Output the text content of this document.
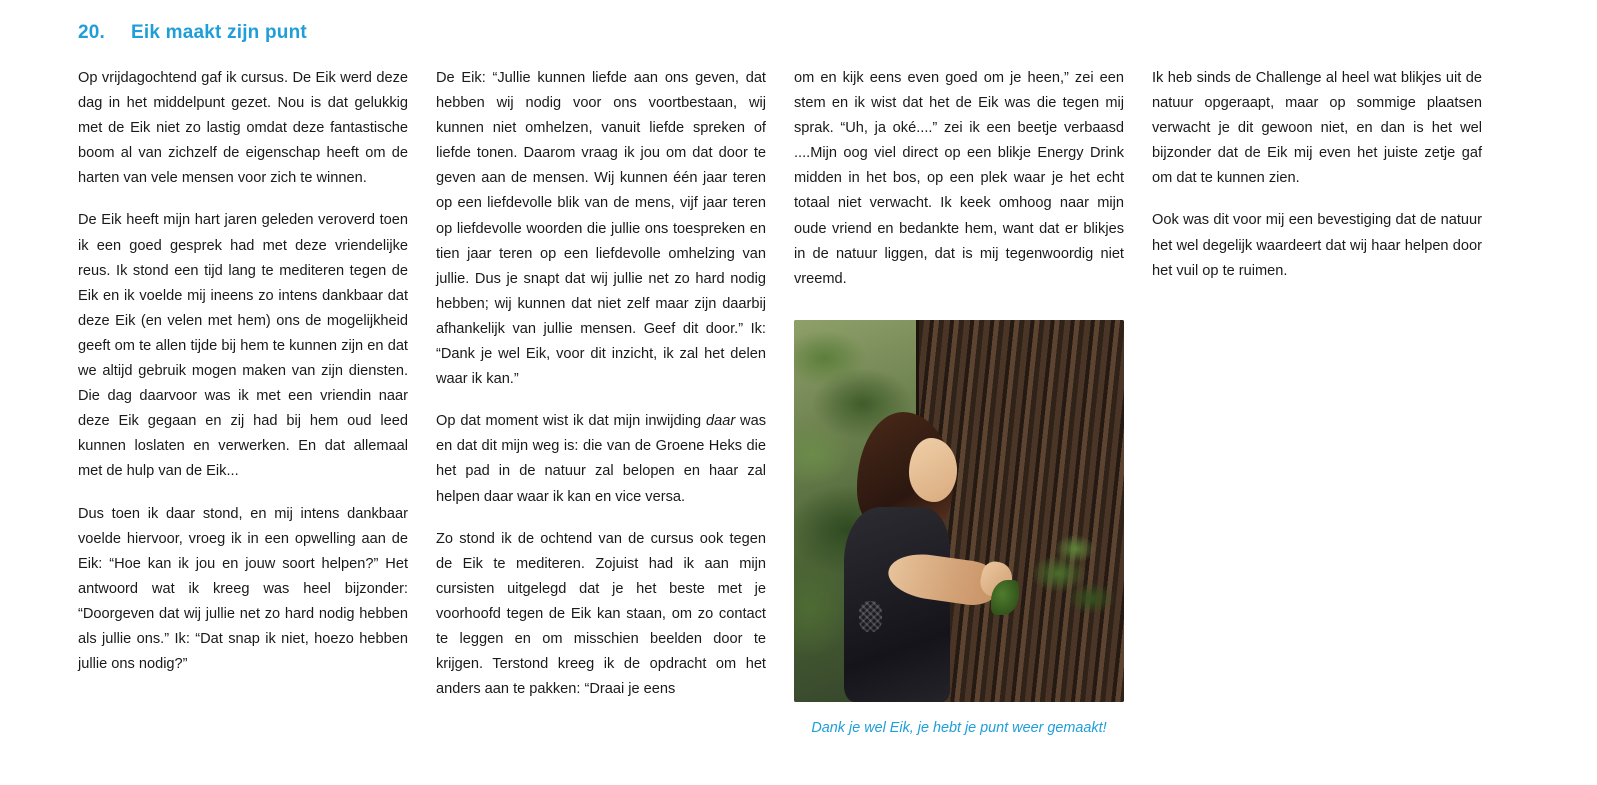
20. Eik maakt zijn punt

Op vrijdagochtend gaf ik cursus. De Eik werd deze dag in het middelpunt gezet. Nou is dat gelukkig met de Eik niet zo lastig omdat deze fantastische boom al van zichzelf de eigenschap heeft om de harten van vele mensen voor zich te winnen.

De Eik heeft mijn hart jaren geleden veroverd toen ik een goed gesprek had met deze vriendelijke reus. Ik stond een tijd lang te mediteren tegen de Eik en ik voelde mij ineens zo intens dankbaar dat deze Eik (en velen met hem) ons de mogelijkheid geeft om te allen tijde bij hem te kunnen zijn en dat we altijd gebruik mogen maken van zijn diensten. Die dag daarvoor was ik met een vriendin naar deze Eik gegaan en zij had bij hem oud leed kunnen loslaten en verwerken. En dat allemaal met de hulp van de Eik...

Dus toen ik daar stond, en mij intens dankbaar voelde hiervoor, vroeg ik in een opwelling aan de Eik: “Hoe kan ik jou en jouw soort helpen?” Het antwoord wat ik kreeg was heel bijzonder: “Doorgeven dat wij jullie net zo hard nodig hebben als jullie ons.” Ik: “Dat snap ik niet, hoezo hebben jullie ons nodig?”

De Eik: “Jullie kunnen liefde aan ons geven, dat hebben wij nodig voor ons voortbestaan, wij kunnen niet omhelzen, vanuit liefde spreken of liefde tonen. Daarom vraag ik jou om dat door te geven aan de mensen. Wij kunnen één jaar teren op een liefdevolle blik van de mens, vijf jaar teren op liefdevolle woorden die jullie ons toespreken en tien jaar teren op een liefdevolle omhelzing van jullie. Dus je snapt dat wij jullie net zo hard nodig hebben; wij kunnen dat niet zelf maar zijn daarbij afhankelijk van jullie mensen. Geef dit door.” Ik: “Dank je wel Eik, voor dit inzicht, ik zal het delen waar ik kan.”

Op dat moment wist ik dat mijn inwijding daar was en dat dit mijn weg is: die van de Groene Heks die het pad in de natuur zal belopen en haar zal helpen daar waar ik kan en vice versa.

Zo stond ik de ochtend van de cursus ook tegen de Eik te mediteren. Zojuist had ik aan mijn cursisten uitgelegd dat je het beste met je voorhoofd tegen de Eik kan staan, om zo contact te leggen en om misschien beelden door te krijgen. Terstond kreeg ik de opdracht om het anders aan te pakken: “Draai je eens

om en kijk eens even goed om je heen,” zei een stem en ik wist dat het de Eik was die tegen mij sprak. “Uh, ja oké....” zei ik een beetje verbaasd ....Mijn oog viel direct op een blikje Energy Drink midden in het bos, op een plek waar je het echt totaal niet verwacht. Ik keek omhoog naar mijn oude vriend en bedankte hem, want dat er blikjes in de natuur liggen, dat is mij tegenwoordig niet vreemd.

Dank je wel Eik, je hebt je punt weer gemaakt!

Ik heb sinds de Challenge al heel wat blikjes uit de natuur opgeraapt, maar op sommige plaatsen verwacht je dit gewoon niet, en dan is het wel bijzonder dat de Eik mij even het juiste zetje gaf om dat te kunnen zien.

Ook was dit voor mij een bevestiging dat de natuur het wel degelijk waardeert dat wij haar helpen door het vuil op te ruimen.
